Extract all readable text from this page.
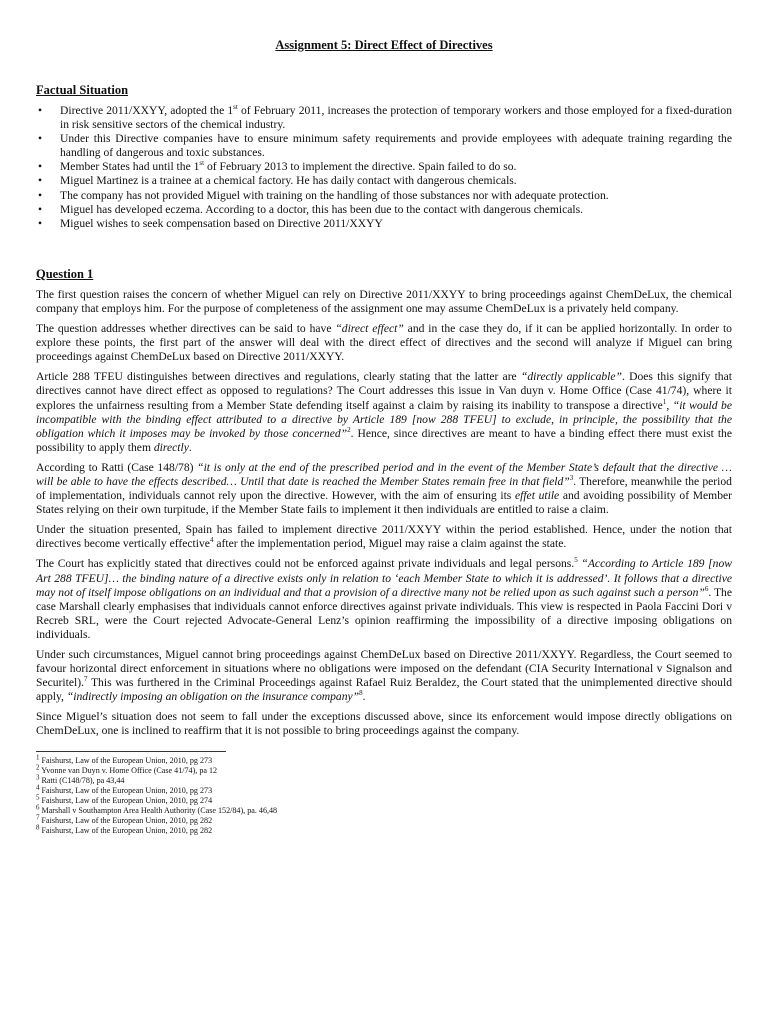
Assignment 5: Direct Effect of Directives
Factual Situation
• Directive 2011/XXYY, adopted the 1st of February 2011, increases the protection of temporary workers and those employed for a fixed-duration in risk sensitive sectors of the chemical industry.
• Under this Directive companies have to ensure minimum safety requirements and provide employees with adequate training regarding the handling of dangerous and toxic substances.
• Member States had until the 1st of February 2013 to implement the directive. Spain failed to do so.
• Miguel Martinez is a trainee at a chemical factory. He has daily contact with dangerous chemicals.
• The company has not provided Miguel with training on the handling of those substances nor with adequate protection.
• Miguel has developed eczema. According to a doctor, this has been due to the contact with dangerous chemicals.
• Miguel wishes to seek compensation based on Directive 2011/XXYY
Question 1

The first question raises the concern of whether Miguel can rely on Directive 2011/XXYY to bring proceedings against ChemDeLux, the chemical company that employs him. For the purpose of completeness of the assignment one may assume ChemDeLux is a privately held company.

The question addresses whether directives can be said to have “direct effect” and in the case they do, if it can be applied horizontally. In order to explore these points, the first part of the answer will deal with the direct effect of directives and the second will analyze if Miguel can bring proceedings against ChemDeLux based on Directive 2011/XXYY.

Article 288 TFEU distinguishes between directives and regulations, clearly stating that the latter are “directly applicable”. Does this signify that directives cannot have direct effect as opposed to regulations? The Court addresses this issue in Van duyn v. Home Office (Case 41/74), where it explores the unfairness resulting from a Member State defending itself against a claim by raising its inability to transpose a directive$^1$, “it would be incompatible with the binding effect attributed to a directive by Article 189 [now 288 TFEU] to exclude, in principle, the possibility that the obligation which it imposes may be invoked by those concerned”$^2$. Hence, since directives are meant to have a binding effect there must exist the possibility to apply them directly.

According to Ratti (Case 148/78) “it is only at the end of the prescribed period and in the event of the Member State’s default that the directive … will be able to have the effects described… Until that date is reached the Member States remain free in that field”$^3$. Therefore, meanwhile the period of implementation, individuals cannot rely upon the directive. However, with the aim of ensuring its effet utile and avoiding possibility of Member States relying on their own turpitude, if the Member State fails to implement it then individuals are entitled to raise a claim.

Under the situation presented, Spain has failed to implement directive 2011/XXYY within the period established. Hence, under the notion that directives become vertically effective$^4$ after the implementation period, Miguel may raise a claim against the state.

The Court has explicitly stated that directives could not be enforced against private individuals and legal persons.$^5$ “According to Article 189 [now Art 288 TFEU]… the binding nature of a directive exists only in relation to ‘each Member State to which it is addressed’. It follows that a directive may not of itself impose obligations on an individual and that a provision of a directive many not be relied upon as such against such a person”$^6$. The case Marshall clearly emphasises that individuals cannot enforce directives against private individuals. This view is respected in Paola Faccini Dori v Recreb SRL, were the Court rejected Advocate-General Lenz’s opinion reaffirming the impossibility of a directive imposing obligations on individuals.

Under such circumstances, Miguel cannot bring proceedings against ChemDeLux based on Directive 2011/XXYY. Regardless, the Court seemed to favour horizontal direct enforcement in situations where no obligations were imposed on the defendant (CIA Security International v Signalson and Securitel).$^7$ This was furthered in the Criminal Proceedings against Rafael Ruiz Beraldez, the Court stated that the unimplemented directive should apply, “indirectly imposing an obligation on the insurance company”$^8$.

Since Miguel’s situation does not seem to fall under the exceptions discussed above, since its enforcement would impose directly obligations on ChemDeLux, one is inclined to reaffirm that it is not possible to bring proceedings against the company.

$^1$ Faishurst, Law of the European Union, 2010, pg 273
$^2$ Yvonne van Duyn v. Home Office (Case 41/74), pa 12
$^3$ Ratti (C148/78), pa 43,44
$^4$ Faishurst, Law of the European Union, 2010, pg 273
$^5$ Faishurst, Law of the European Union, 2010, pg 274
$^6$ Marshall v Southampton Area Health Authority (Case 152/84), pa. 46,48
$^7$ Faishurst, Law of the European Union, 2010, pg 282
$^8$ Faishurst, Law of the European Union, 2010, pg 282
